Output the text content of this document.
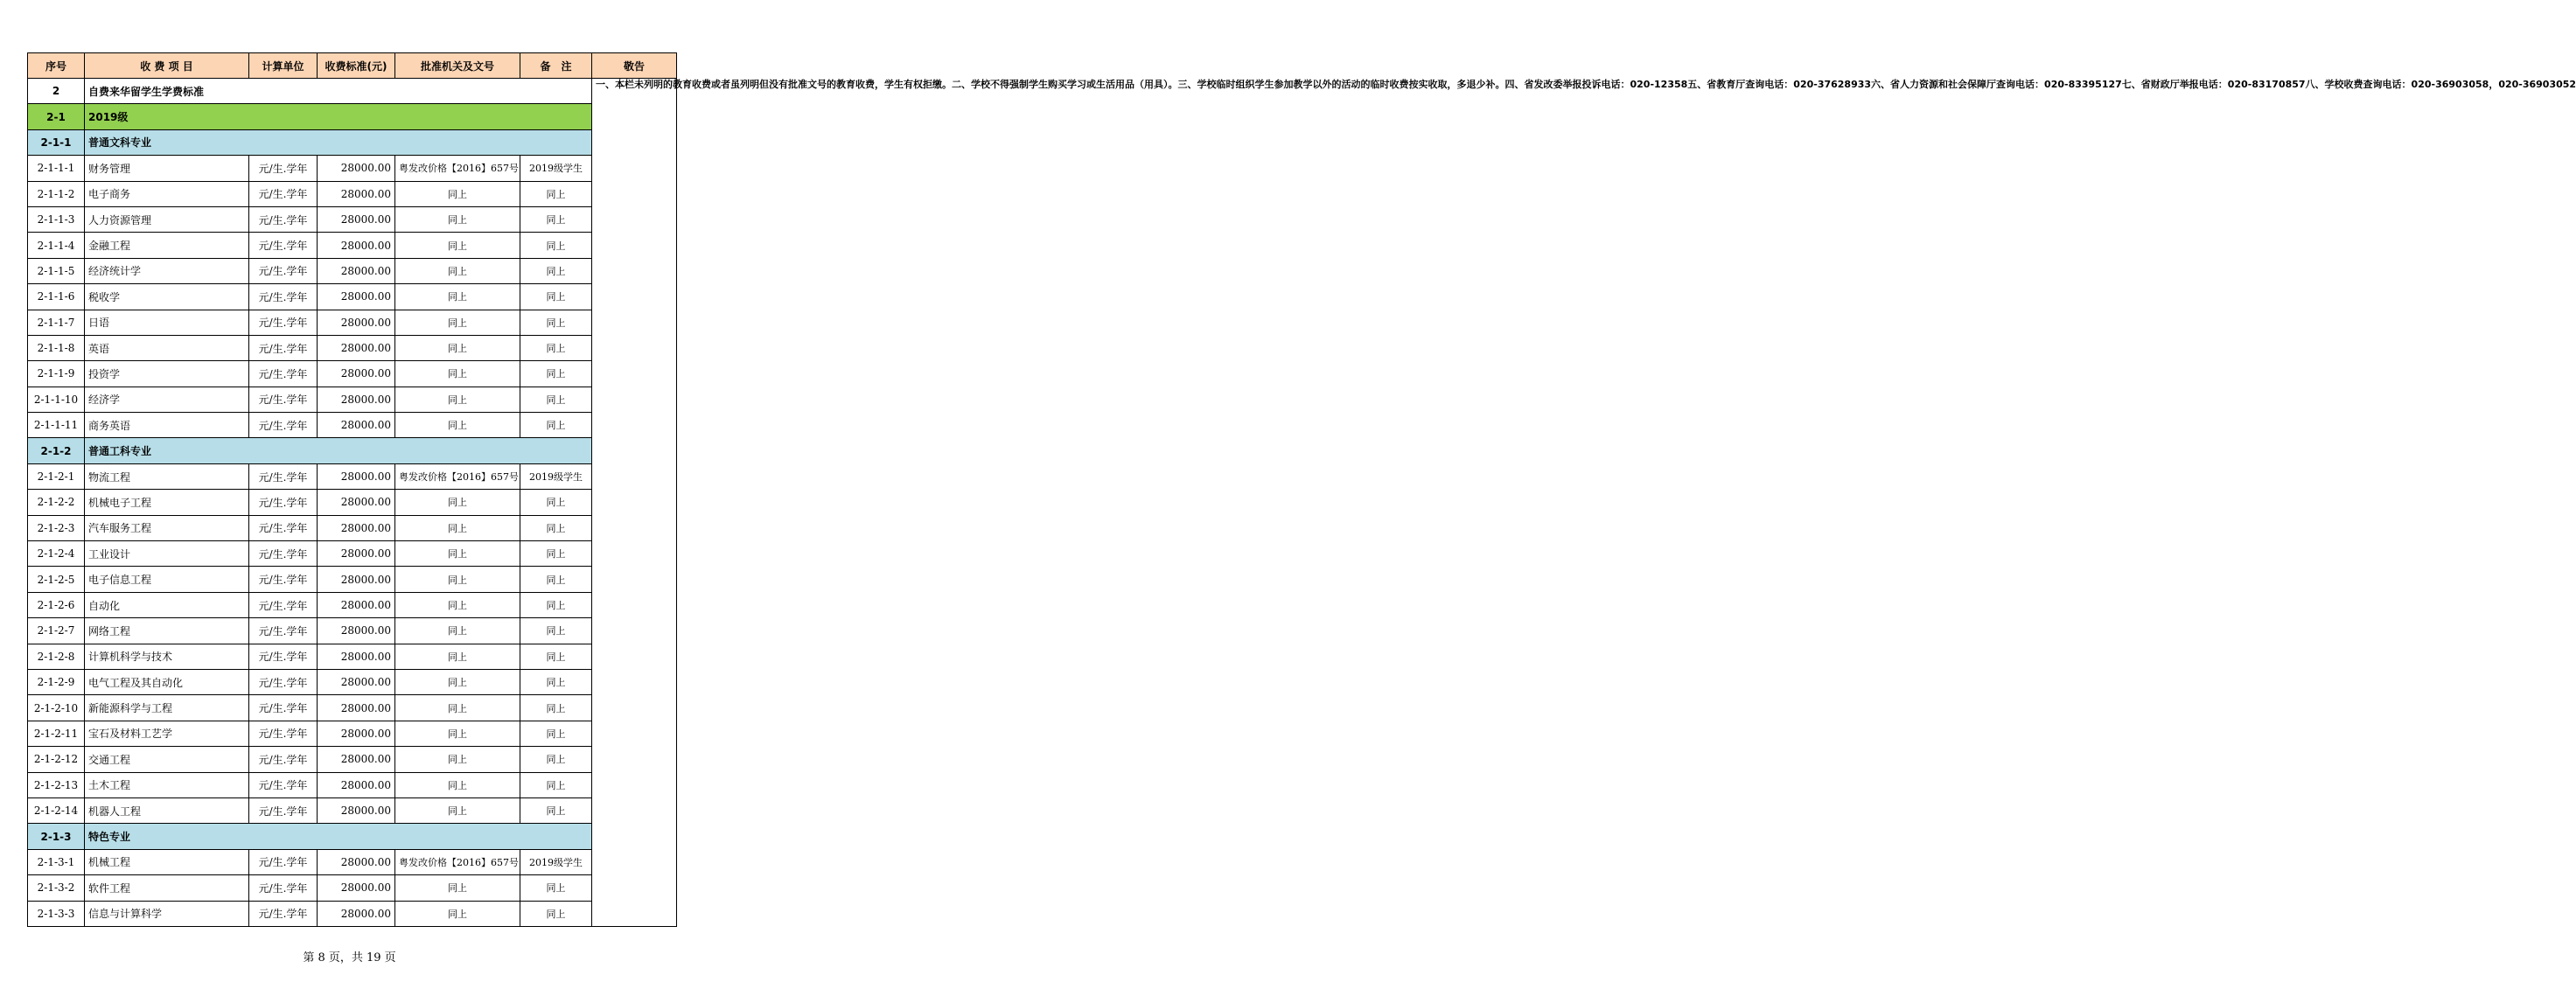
序号	收 费 项 目	计算单位	收费标准(元)	批准机关及文号	备　注	敬告
2	自费来华留学生学费标准					一、本栏未列明的教育收费或者虽列明但没有批准文号的教育收费，学生有权拒缴。二、学校不得强制学生购买学习或生活用品（用具）。三、学校临时组织学生参加教学以外的活动的临时收费按实收取，多退少补。四、省发改委举报投诉电话：020-12358五、省教育厅查询电话：020-37628933六、省人力资源和社会保障厅查询电话：020-83395127七、省财政厅举报电话：020-83170857八、学校收费查询电话：020-36903058，020-36903052
2-1	2019级					
2-1-1	普通文科专业					
2-1-1-1	财务管理	元/生.学年	28000.00	粤发改价格【2016】657号	2019级学生	
2-1-1-2	电子商务	元/生.学年	28000.00	同上	同上	
2-1-1-3	人力资源管理	元/生.学年	28000.00	同上	同上	
2-1-1-4	金融工程	元/生.学年	28000.00	同上	同上	
2-1-1-5	经济统计学	元/生.学年	28000.00	同上	同上	
2-1-1-6	税收学	元/生.学年	28000.00	同上	同上	
2-1-1-7	日语	元/生.学年	28000.00	同上	同上	
2-1-1-8	英语	元/生.学年	28000.00	同上	同上	
2-1-1-9	投资学	元/生.学年	28000.00	同上	同上	
2-1-1-10	经济学	元/生.学年	28000.00	同上	同上	
2-1-1-11	商务英语	元/生.学年	28000.00	同上	同上	
2-1-2	普通工科专业					
2-1-2-1	物流工程	元/生.学年	28000.00	粤发改价格【2016】657号	2019级学生	
2-1-2-2	机械电子工程	元/生.学年	28000.00	同上	同上	
2-1-2-3	汽车服务工程	元/生.学年	28000.00	同上	同上	
2-1-2-4	工业设计	元/生.学年	28000.00	同上	同上	
2-1-2-5	电子信息工程	元/生.学年	28000.00	同上	同上	
2-1-2-6	自动化	元/生.学年	28000.00	同上	同上	
2-1-2-7	网络工程	元/生.学年	28000.00	同上	同上	
2-1-2-8	计算机科学与技术	元/生.学年	28000.00	同上	同上	
2-1-2-9	电气工程及其自动化	元/生.学年	28000.00	同上	同上	
2-1-2-10	新能源科学与工程	元/生.学年	28000.00	同上	同上	
2-1-2-11	宝石及材料工艺学	元/生.学年	28000.00	同上	同上	
2-1-2-12	交通工程	元/生.学年	28000.00	同上	同上	
2-1-2-13	土木工程	元/生.学年	28000.00	同上	同上	
2-1-2-14	机器人工程	元/生.学年	28000.00	同上	同上	
2-1-3	特色专业					
2-1-3-1	机械工程	元/生.学年	28000.00	粤发改价格【2016】657号	2019级学生	
2-1-3-2	软件工程	元/生.学年	28000.00	同上	同上	
2-1-3-3	信息与计算科学	元/生.学年	28000.00	同上	同上	
第 8 页，共 19 页
